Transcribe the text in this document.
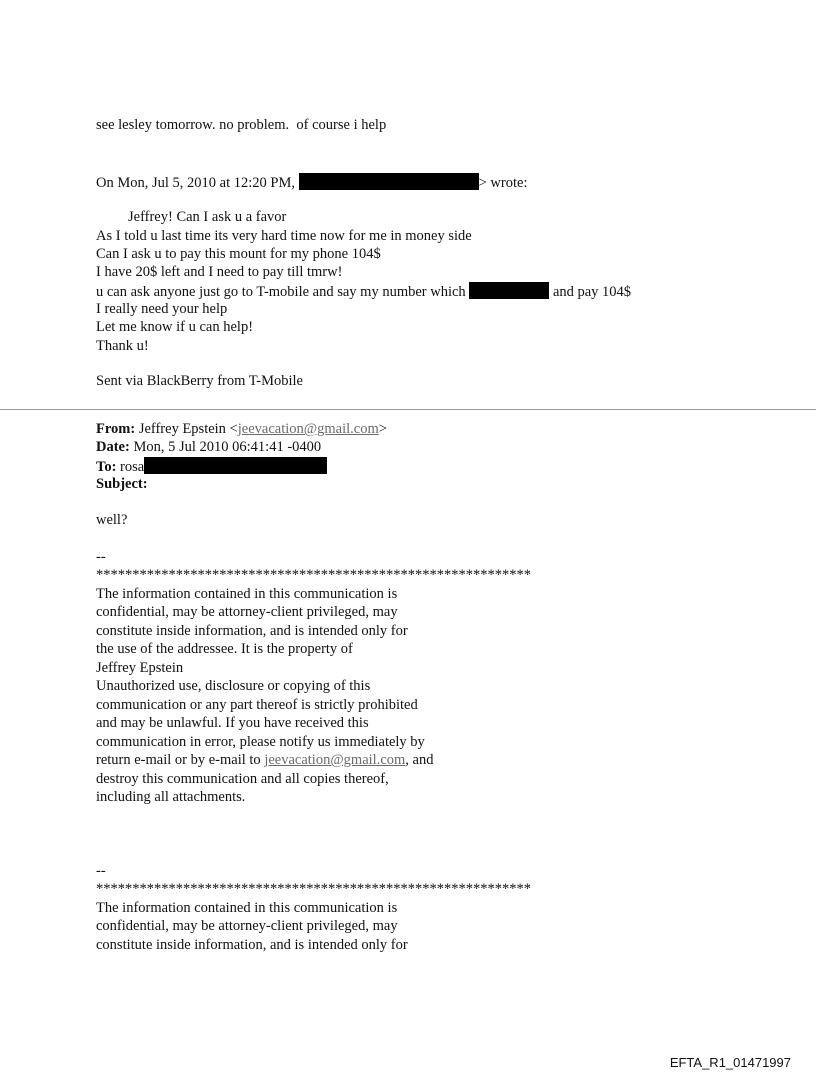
see lesley tomorrow. no problem.  of course i help
On Mon, Jul 5, 2010 at 12:20 PM,	> wrote:
Jeffrey! Can I ask u a favor
As I told u last time its very hard time now for me in money side
Can I ask u to pay this mount for my phone 104$
I have 20$ left and I need to pay till tmrw!
u can ask anyone just go to T-mobile and say my number which	and pay 104$
I really need your help
Let me know if u can help!
Thank u!
Sent via BlackBerry from T-Mobile
From: Jeffrey Epstein <jeevacation@gmail.com>
Date: Mon, 5 Jul 2010 06:41:41 -0400
To: rosa
Subject:
well?
--
************************************************************
The information contained in this communication is
confidential, may be attorney-client privileged, may
constitute inside information, and is intended only for
the use of the addressee. It is the property of
Jeffrey Epstein
Unauthorized use, disclosure or copying of this
communication or any part thereof is strictly prohibited
and may be unlawful. If you have received this
communication in error, please notify us immediately by
return e-mail or by e-mail to jeevacation@gmail.com, and
destroy this communication and all copies thereof,
including all attachments.
--
************************************************************
The information contained in this communication is
confidential, may be attorney-client privileged, may
constitute inside information, and is intended only for
EFTA_R1_01471997
